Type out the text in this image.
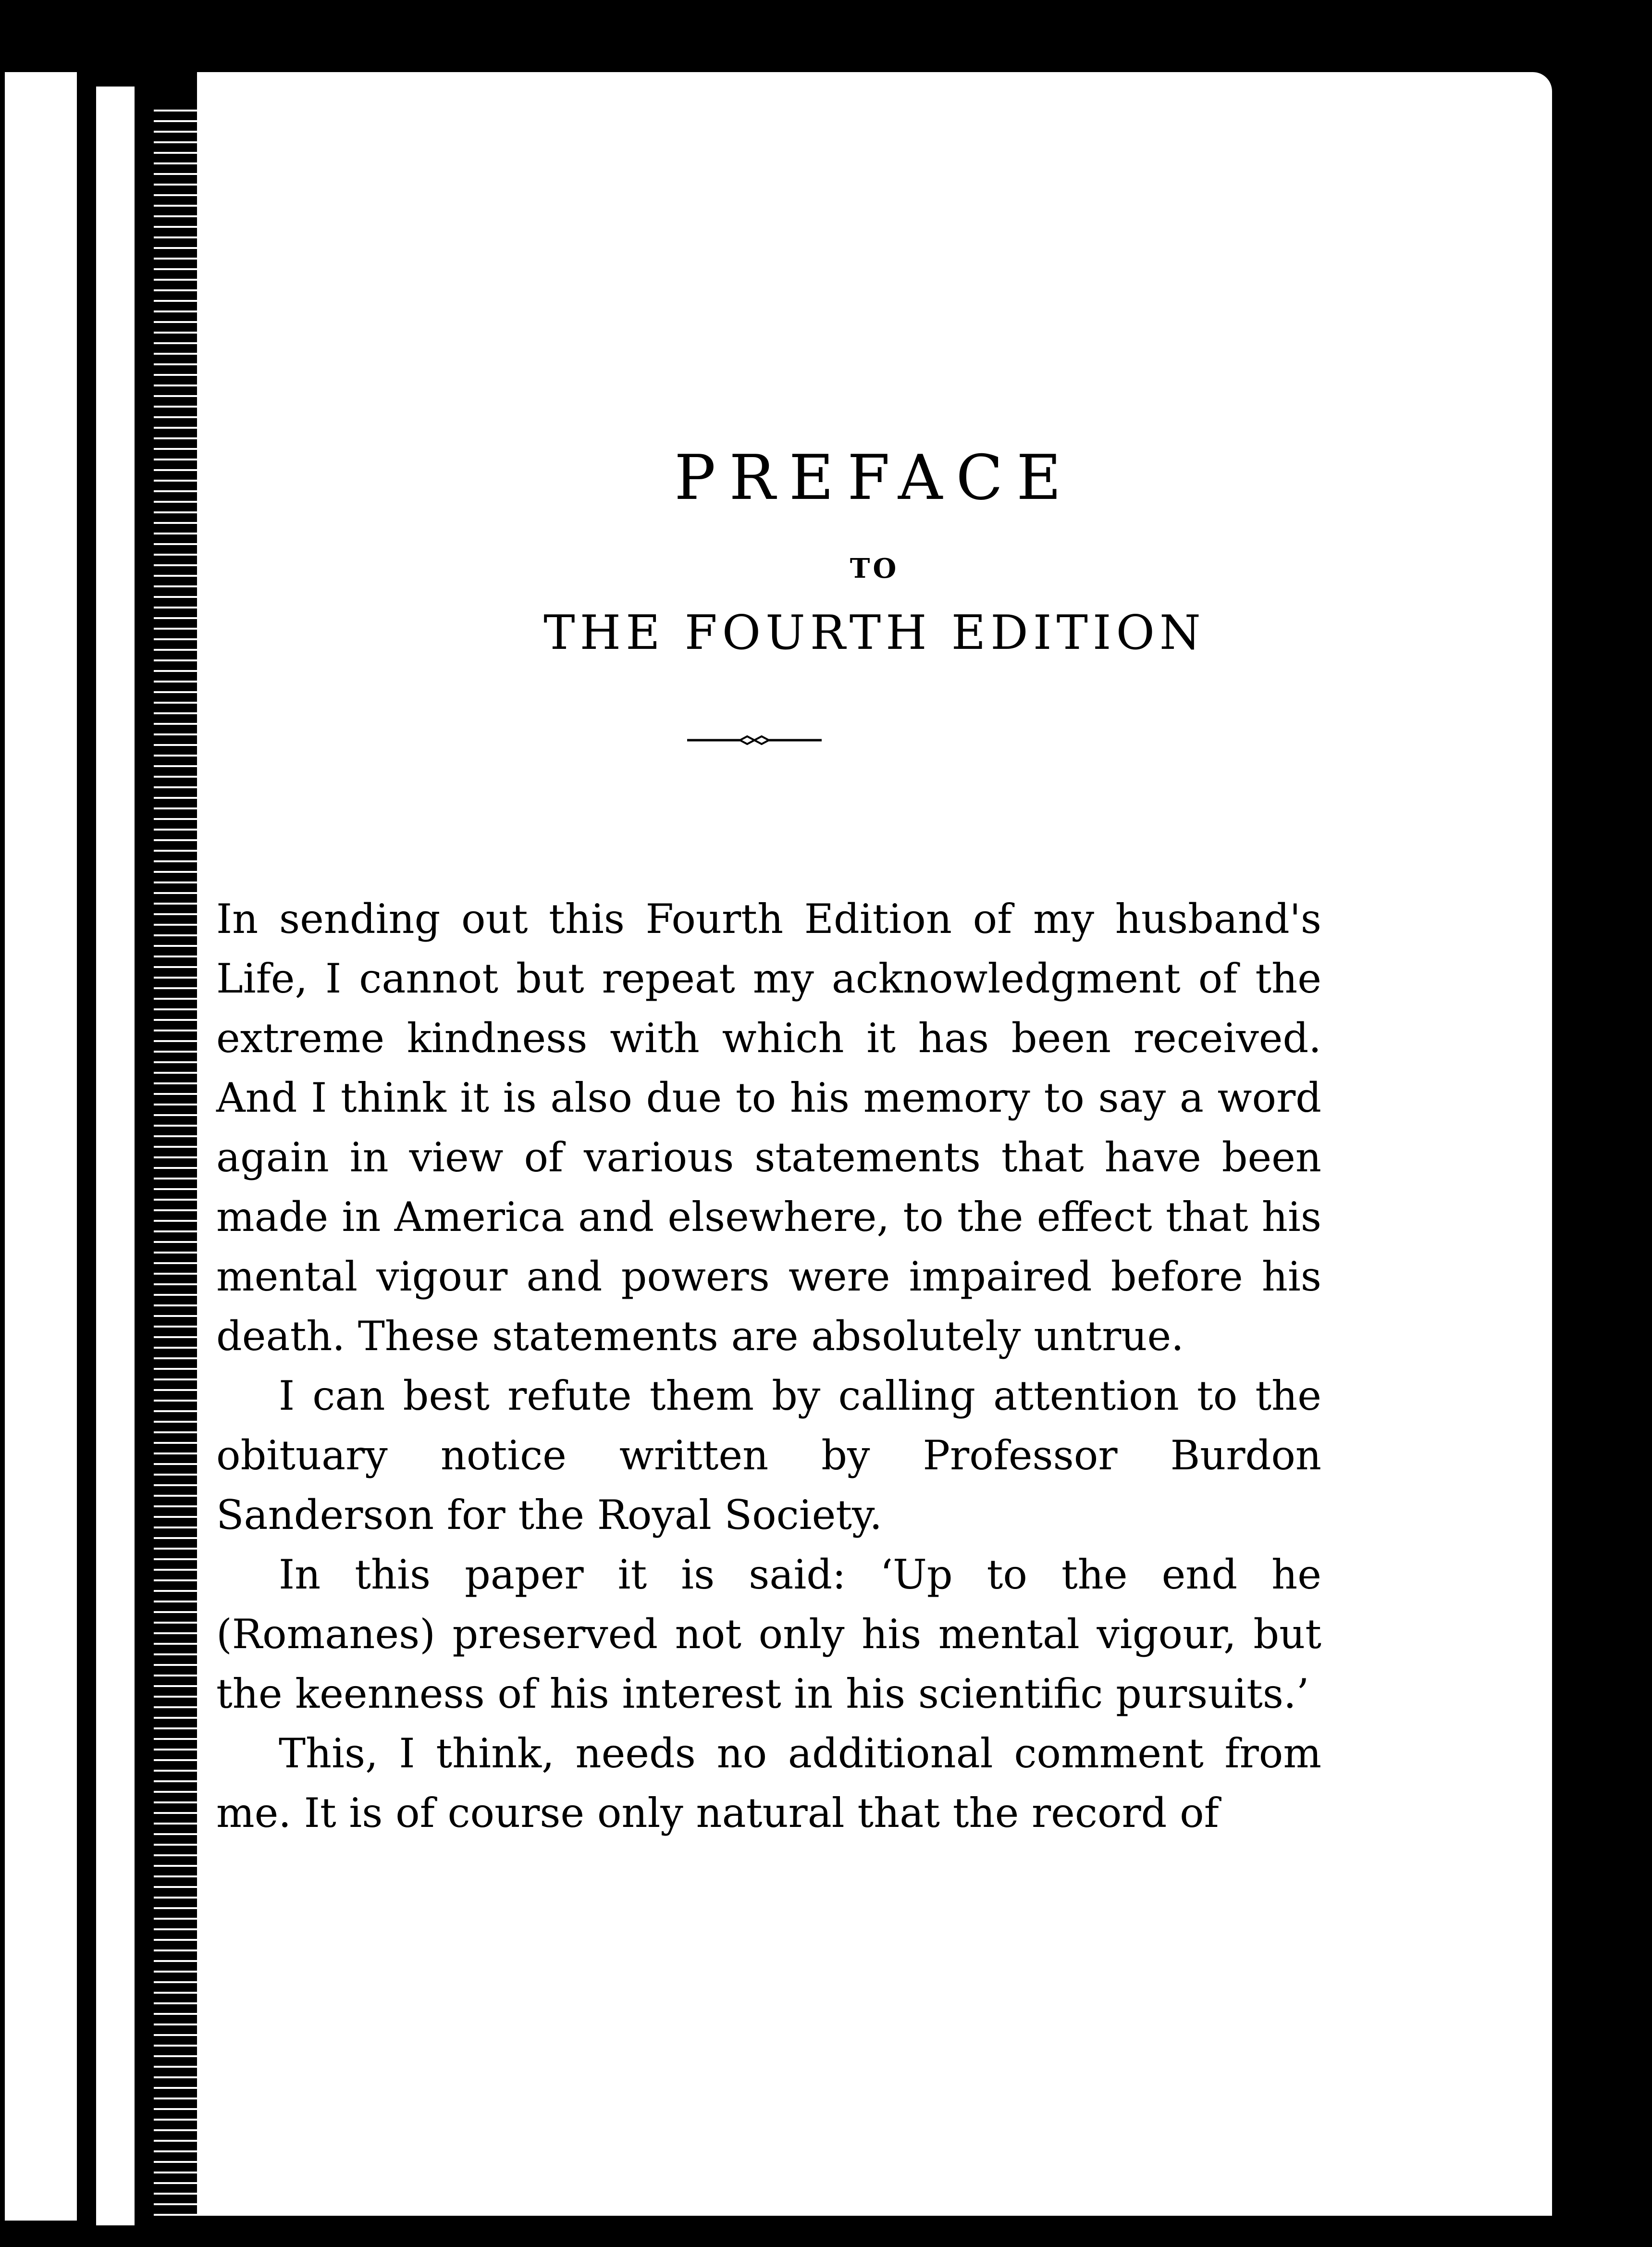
PREFACE
TO
THE FOURTH EDITION

In sending out this Fourth Edition of my husband's Life, I cannot but repeat my acknowledgment of the extreme kindness with which it has been received. And I think it is also due to his memory to say a word again in view of various statements that have been made in America and elsewhere, to the effect that his mental vigour and powers were impaired before his death. These statements are absolutely untrue.

I can best refute them by calling attention to the obituary notice written by Professor Burdon Sanderson for the Royal Society.

In this paper it is said: ‘Up to the end he (Romanes) preserved not only his mental vigour, but the keenness of his interest in his scientific pursuits.’

This, I think, needs no additional comment from me. It is of course only natural that the record of
